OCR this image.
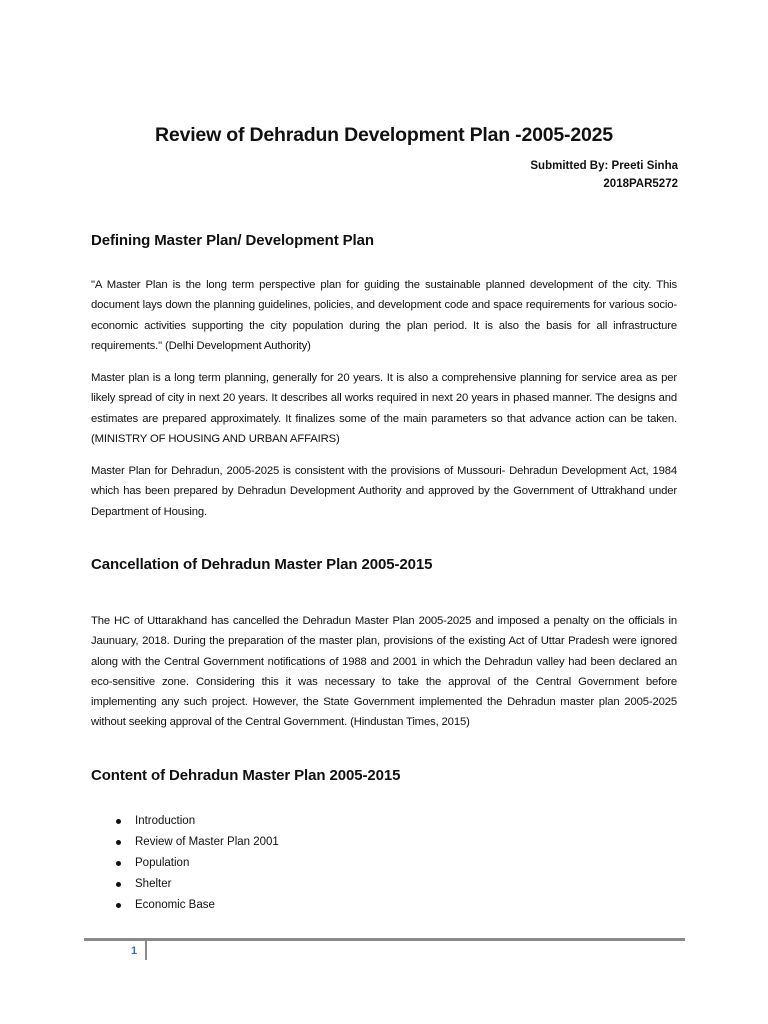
Review of Dehradun Development Plan -2005-2025
Submitted By: Preeti Sinha
2018PAR5272
Defining Master Plan/ Development Plan

"A Master Plan is the long term perspective plan for guiding the sustainable planned development of the city. This document lays down the planning guidelines, policies, and development code and space requirements for various socio-economic activities supporting the city population during the plan period. It is also the basis for all infrastructure requirements." (Delhi Development Authority)

Master plan is a long term planning, generally for 20 years. It is also a comprehensive planning for service area as per likely spread of city in next 20 years. It describes all works required in next 20 years in phased manner. The designs and estimates are prepared approximately. It finalizes some of the main parameters so that advance action can be taken. (MINISTRY OF HOUSING AND URBAN AFFAIRS)

Master Plan for Dehradun, 2005-2025 is consistent with the provisions of Mussouri- Dehradun Development Act, 1984 which has been prepared by Dehradun Development Authority and approved by the Government of Uttrakhand under Department of Housing.

Cancellation of Dehradun Master Plan 2005-2015

The HC of Uttarakhand has cancelled the Dehradun Master Plan 2005-2025 and imposed a penalty on the officials in Jaunuary, 2018. During the preparation of the master plan, provisions of the existing Act of Uttar Pradesh were ignored along with the Central Government notifications of 1988 and 2001 in which the Dehradun valley had been declared an eco-sensitive zone. Considering this it was necessary to take the approval of the Central Government before implementing any such project. However, the State Government implemented the Dehradun master plan 2005-2025 without seeking approval of the Central Government. (Hindustan Times, 2015)

Content of Dehradun Master Plan 2005-2015
Introduction
Review of Master Plan 2001
Population
Shelter
Economic Base
1
